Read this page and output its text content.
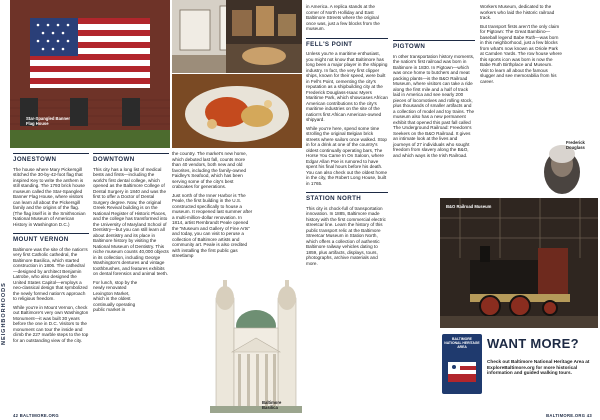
Star-Spangled Banner Flag House
Baltimore Basilica
B&O Railroad Museum
Frederick Douglass
NEIGHBORHOODS
JONESTOWN

The house where Mary Pickersgill stitched the 30-by-42-foot flag that inspired Key to write the anthem is still standing. The 1793 brick house museum called the Star-Spangled Banner Flag House, where visitors can learn all about the Pickersgill family and the origins of the flag. (The flag itself is in the Smithsonian National Museum of American History in Washington D.C.)

MOUNT VERNON

Baltimore was the site of the nation's very first Catholic cathedral, the Baltimore Basilica, which started construction in 1806. The cathedral—designed by architect Benjamin Latrobe, who also designed the United States Capitol—employs a neo-classical design that symbolized the newly formed nation's approach to religious freedom.

While you're in Mount Vernon, check out Baltimore's very own Washington Monument—it was built 30 years before the one in D.C. Visitors to the monument can tour the inside and climb the 227 marble steps to the top for an outstanding view of the city.

DOWNTOWN

This city has a long list of medical bests and firsts—including the world's first dental college, which opened as the Baltimore College of Dental Surgery in 1840 and was the first to offer a Doctor of Dental Surgery degree. Now, the original Greek Revival building is on the National Register of Historic Places, and the college has transformed into the University of Maryland School of Dentistry—but you can still learn all about dentistry and its place in Baltimore history by visiting the National Museum of Dentistry. This niche museum counts 40,000 objects in its collection, including George Washington's dentures and vintage toothbrushes, and features exhibits on dental forensics and animal teeth.

For lunch, stop by the newly renovated Lexington Market, which is the oldest continually operating public market in

the country. The market's new home, which debuted last fall, counts more than 40 vendors, both new and old favorites, including the family-owned Faidley's Seafood, which has been serving some of the city's best crabcakes for generations.

Just north of the Inner Harbor is The Peale, the first building in the U.S. constructed specifically to house a museum. It reopened last summer after a multi-million-dollar renovation. In 1814, artist Rembrandt Peale opened the "Museum and Gallery of Fine Arts" and today, you can visit to peruse a collection of Baltimore artists and community art. Peale is also credited with installing the first public gas streetlamp

in America. A replica stands at the corner of North Holliday and East Baltimore Streets where the original once was, just a few blocks from the museum.

FELL'S POINT

Unless you're a maritime enthusiast, you might not know that Baltimore has long been a major player in the shipping industry. In fact, the very first clipper ships, known for their speed, were built in Fell's Point, cementing the city's reputation as a shipbuilding city at the Frederick Douglass-Isaac Myers Maritime Park, which showcases African American contributions to the city's maritime industries on the site of the nation's first African American-owned shipyard.

While you're here, spend some time strolling the original Belgian brick streets where sailors once walked. Stop in for a drink at one of the country's oldest continually operating bars, The Horse You Came In On Saloon, where Edgar Allan Poe is rumored to have spent his final hours before his death. You can also check out the oldest home in the city, the Robert Long House, built in 1765.

STATION NORTH

This city is chock-full of transportation innovation. In 1885, Baltimore made history with the first commercial electric streetcar line. Learn the history of this public transport relic at the Baltimore Streetcar Museum in Station North, which offers a collection of authentic Baltimore railway vehicles dating to 1859, plus artifacts, displays, tours, photographs, archive materials and more.

PIGTOWN

In other transportation history moments, the nation's first railroad was born in Baltimore in 1830. In Pigtown—which was once home to butchers and meat packing plants—is the B&O Railroad Museum, where visitors can take a ride along the first mile and a half of track laid in America and see nearly 200 pieces of locomotives and rolling stock, plus thousands of smaller artifacts and a collection of model and toy trains. The museum also has a new permanent exhibit that opened this past fall called The Underground Railroad: Freedom's Seekers on the B&O Railroad. It gives an intimate look at the lives and journeys of 27 individuals who sought freedom from slavery along the B&O, and which ways is the Irish Railroad.

Workers Museum, dedicated to the workers who laid the historic railroad track.

But transport firsts aren't the only claim for Pigtown: The Great Bambino—baseball legend Babe Ruth—was born in this neighborhood, just a few blocks from what's now known as Oriole Park at Camden Yards. The row house where this sports icon was born is now the Babe Ruth Birthplace and Museum. Visit to learn all about the famous slugger and see memorabilia from his career.

BALTIMORE NATIONAL HERITAGE AREA	WANT MORE?
Check out Baltimore National Heritage Area at ExploreBaltimore.org for more historical information and guided walking tours.
42 BALTIMORE.ORG	BALTIMORE.ORG 43
